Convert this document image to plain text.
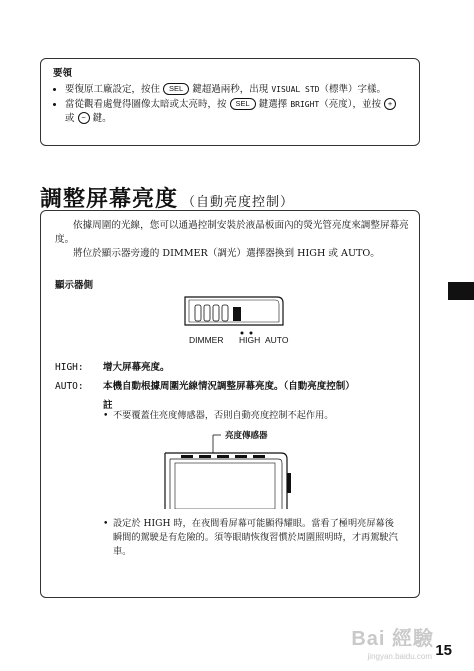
要領
• 要復原工廠設定，按住 SEL 鍵超過兩秒，出現 VISUAL STD（標準）字樣。
• 當從觀看處覺得圖像太暗或太亮時，按 SEL 鍵選擇 BRIGHT（亮度），並按 + 或 − 鍵。
調整屏幕亮度 （自動亮度控制）

依據周圍的光線，您可以通過控制安裝於液晶板面內的熒光管亮度來調整屏幕亮度。

將位於顯示器旁邊的 DIMMER（調光）選擇器換到 HIGH 或 AUTO。

顯示器側
DIMMER HIGH AUTO
HIGH: 增大屏幕亮度。
AUTO: 本機自動根據周圍光線情況調整屏幕亮度。（自動亮度控制）
註
• 不要覆蓋住亮度傳感器，否則自動亮度控制不起作用。
亮度傳感器
• 設定於 HIGH 時，在夜間看屏幕可能顯得耀眼。當看了極明亮屏幕後瞬間的駕駛是有危險的。須等眼睛恢復習慣於周圍照明時，才再駕駛汽車。
Bai 經驗
jingyan.baidu.com 15
